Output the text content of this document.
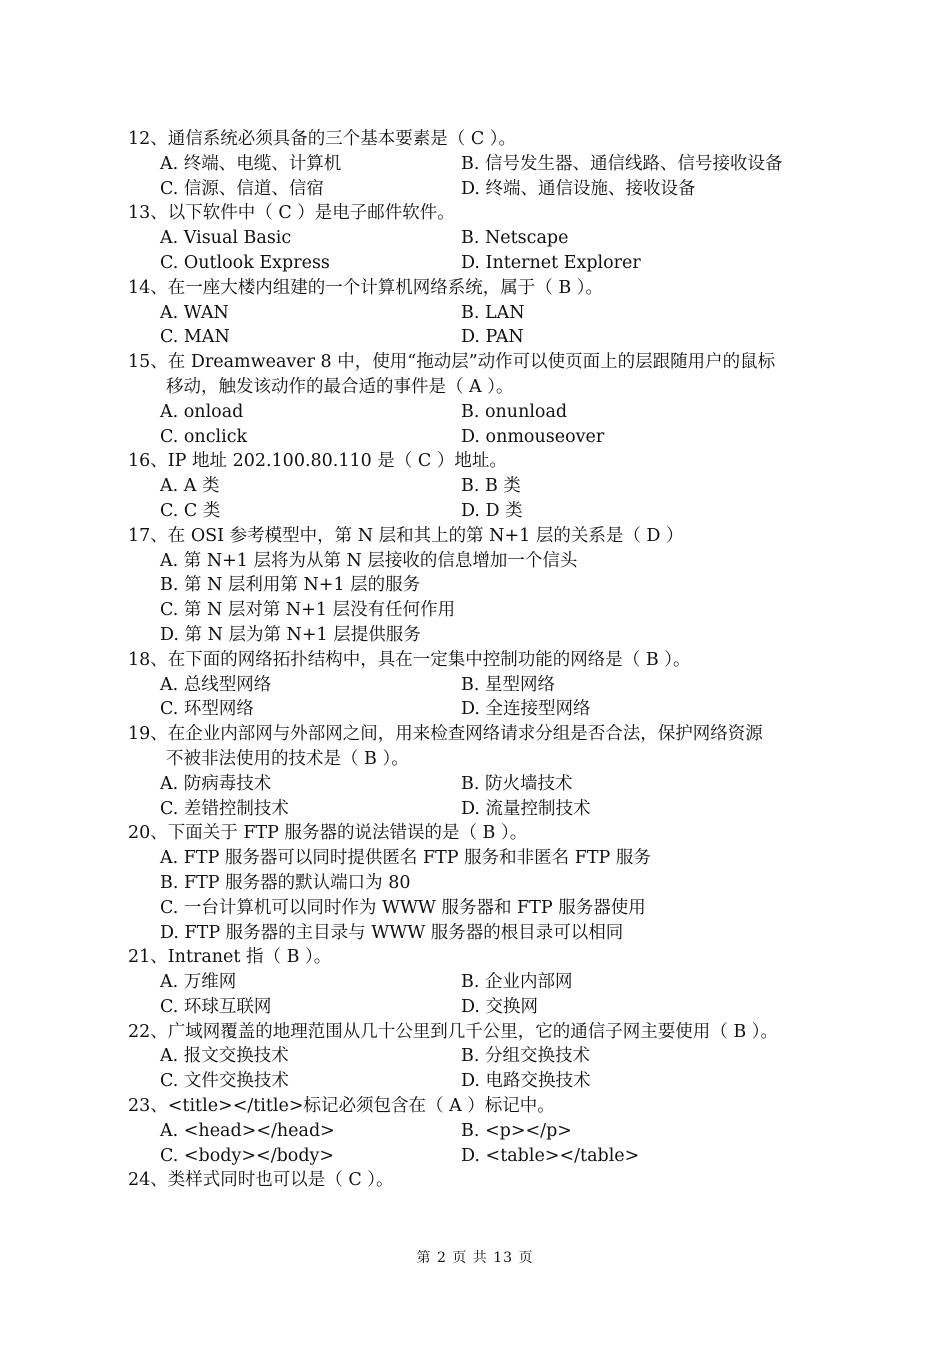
12、通信系统必须具备的三个基本要素是（ C ）。
A. 终端、电缆、计算机	B. 信号发生器、通信线路、信号接收设备
C. 信源、信道、信宿	D. 终端、通信设施、接收设备
13、以下软件中（ C ）是电子邮件软件。
A. Visual Basic	B. Netscape
C. Outlook Express	D. Internet Explorer
14、在一座大楼内组建的一个计算机网络系统，属于（ B ）。
A. WAN	B. LAN
C. MAN	D. PAN
15、在 Dreamweaver 8 中，使用“拖动层”动作可以使页面上的层跟随用户的鼠标
移动，触发该动作的最合适的事件是（ A ）。
A. onload	B. onunload
C. onclick	D. onmouseover
16、IP 地址 202.100.80.110 是（ C ）地址。
A. A 类	B. B 类
C. C 类	D. D 类
17、在 OSI 参考模型中，第 N 层和其上的第 N+1 层的关系是（ D ）
A. 第 N+1 层将为从第 N 层接收的信息增加一个信头
B. 第 N 层利用第 N+1 层的服务
C. 第 N 层对第 N+1 层没有任何作用
D. 第 N 层为第 N+1 层提供服务
18、在下面的网络拓扑结构中，具在一定集中控制功能的网络是（ B ）。
A. 总线型网络	B. 星型网络
C. 环型网络	D. 全连接型网络
19、在企业内部网与外部网之间，用来检查网络请求分组是否合法，保护网络资源
不被非法使用的技术是（ B ）。
A. 防病毒技术	B. 防火墙技术
C. 差错控制技术	D. 流量控制技术
20、下面关于 FTP 服务器的说法错误的是（ B ）。
A. FTP 服务器可以同时提供匿名 FTP 服务和非匿名 FTP 服务
B. FTP 服务器的默认端口为 80
C. 一台计算机可以同时作为 WWW 服务器和 FTP 服务器使用
D. FTP 服务器的主目录与 WWW 服务器的根目录可以相同
21、Intranet 指（ B ）。
A. 万维网	B. 企业内部网
C. 环球互联网	D. 交换网
22、广域网覆盖的地理范围从几十公里到几千公里，它的通信子网主要使用（ B ）。
A. 报文交换技术	B. 分组交换技术
C. 文件交换技术	D. 电路交换技术
23、<title></title>标记必须包含在（ A ）标记中。
A. <head></head>	B. <p></p>
C. <body></body>	D. <table></table>
24、类样式同时也可以是（ C ）。
第 2 页 共 13 页
